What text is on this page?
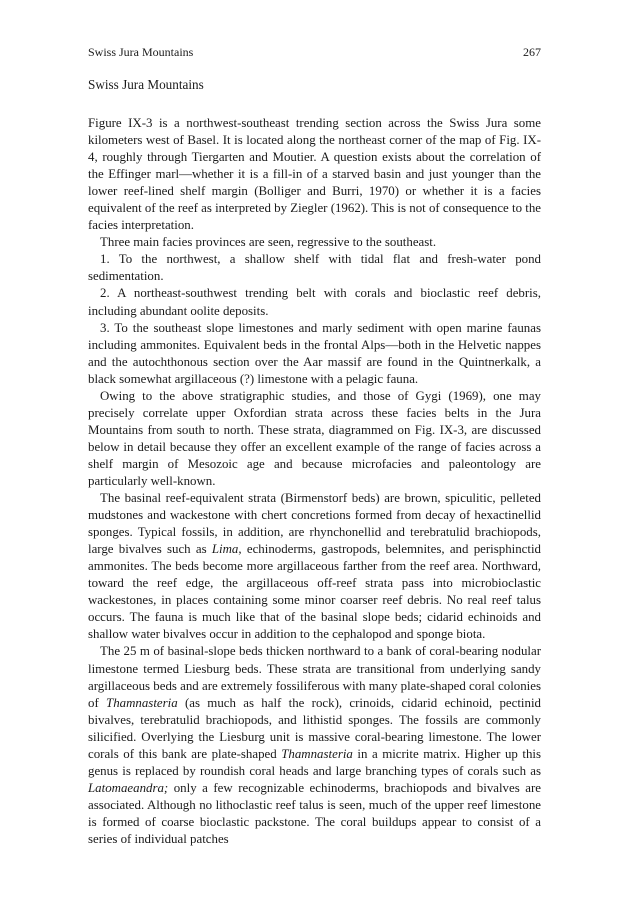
Swiss Jura Mountains	267
Swiss Jura Mountains

Figure IX-3 is a northwest-southeast trending section across the Swiss Jura some kilometers west of Basel. It is located along the northeast corner of the map of Fig. IX-4, roughly through Tiergarten and Moutier. A question exists about the correlation of the Effinger marl—whether it is a fill-in of a starved basin and just younger than the lower reef-lined shelf margin (Bolliger and Burri, 1970) or whether it is a facies equivalent of the reef as interpreted by Ziegler (1962). This is not of consequence to the facies interpretation.

Three main facies provinces are seen, regressive to the southeast.

1. To the northwest, a shallow shelf with tidal flat and fresh-water pond sedimentation.

2. A northeast-southwest trending belt with corals and bioclastic reef debris, including abundant oolite deposits.

3. To the southeast slope limestones and marly sediment with open marine faunas including ammonites. Equivalent beds in the frontal Alps—both in the Helvetic nappes and the autochthonous section over the Aar massif are found in the Quintnerkalk, a black somewhat argillaceous (?) limestone with a pelagic fauna.

Owing to the above stratigraphic studies, and those of Gygi (1969), one may precisely correlate upper Oxfordian strata across these facies belts in the Jura Mountains from south to north. These strata, diagrammed on Fig. IX-3, are discussed below in detail because they offer an excellent example of the range of facies across a shelf margin of Mesozoic age and because microfacies and paleontology are particularly well-known.

The basinal reef-equivalent strata (Birmenstorf beds) are brown, spiculitic, pelleted mudstones and wackestone with chert concretions formed from decay of hexactinellid sponges. Typical fossils, in addition, are rhynchonellid and terebratulid brachiopods, large bivalves such as Lima, echinoderms, gastropods, belemnites, and perisphinctid ammonites. The beds become more argillaceous farther from the reef area. Northward, toward the reef edge, the argillaceous off-reef strata pass into microbioclastic wackestones, in places containing some minor coarser reef debris. No real reef talus occurs. The fauna is much like that of the basinal slope beds; cidarid echinoids and shallow water bivalves occur in addition to the cephalopod and sponge biota.

The 25 m of basinal-slope beds thicken northward to a bank of coral-bearing nodular limestone termed Liesburg beds. These strata are transitional from underlying sandy argillaceous beds and are extremely fossiliferous with many plate-shaped coral colonies of Thamnasteria (as much as half the rock), crinoids, cidarid echinoid, pectinid bivalves, terebratulid brachiopods, and lithistid sponges. The fossils are commonly silicified. Overlying the Liesburg unit is massive coral-bearing limestone. The lower corals of this bank are plate-shaped Thamnasteria in a micrite matrix. Higher up this genus is replaced by roundish coral heads and large branching types of corals such as Latomaeandra; only a few recognizable echinoderms, brachiopods and bivalves are associated. Although no lithoclastic reef talus is seen, much of the upper reef limestone is formed of coarse bioclastic packstone. The coral buildups appear to consist of a series of individual patches
